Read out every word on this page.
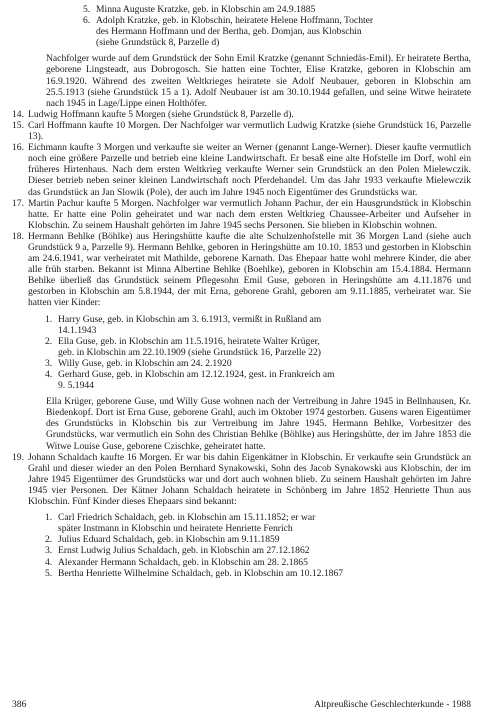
5. Minna Auguste Kratzke, geb. in Klobschin am 24.9.1885
6. Adolph Kratzke, geb. in Klobschin, heiratete Helene Hoffmann, Tochter
des Hermann Hoffmann und der Bertha, geb. Domjan, aus Klobschin
(siehe Grundstück 8, Parzelle d)

Nachfolger wurde auf dem Grundstück der Sohn Emil Kratzke (genannt Schniedäs-Emil). Er heiratete Bertha, geborene Lingsteadt, aus Dobrogosch. Sie hatten eine Tochter, Elise Kratzke, geboren in Klobschin am 16.9.1920. Während des zweiten Weltkrieges heiratete sie Adolf Neubauer, geboren in Klobschin am 25.5.1913 (siehe Grundstück 15 a 1). Adolf Neubauer ist am 30.10.1944 gefallen, und seine Witwe heiratete nach 1945 in Lage/Lippe einen Holthöfer.

14. Ludwig Hoffmann kaufte 5 Morgen (siehe Grundstück 8, Parzelle d).
15. Carl Hoffmann kaufte 10 Morgen. Der Nachfolger war vermutlich Ludwig Kratzke (siehe Grundstück 16, Parzelle 13).
16. Eichmann kaufte 3 Morgen und verkaufte sie weiter an Werner (genannt Lange-Werner). Dieser kaufte vermutlich noch eine größere Parzelle und betrieb eine kleine Landwirtschaft. Er besaß eine alte Hofstelle im Dorf, wohl ein früheres Hirtenhaus. Nach dem ersten Weltkrieg verkaufte Werner sein Grundstück an den Polen Mielewczik. Dieser betrieb neben seiner kleinen Landwirtschaft noch Pferdehandel. Um das Jahr 1933 verkaufte Mielewczik das Grundstück an Jan Slowik (Pole), der auch im Jahre 1945 noch Eigentümer des Grundstücks war.
17. Martin Pachur kaufte 5 Morgen. Nachfolger war vermutlich Johann Pachur, der ein Hausgrundstück in Klobschin hatte. Er hatte eine Polin geheiratet und war nach dem ersten Weltkrieg Chaussee-Arbeiter und Aufseher in Klobschin. Zu seinem Haushalt gehörten im Jahre 1945 sechs Personen. Sie blieben in Klobschin wohnen.
18. Hermann Behlke (Böhlke) aus Heringshütte kaufte die alte Schulzenhofstelle mit 36 Morgen Land (siehe auch Grundstück 9 a, Parzelle 9). Hermann Behlke, geboren in Heringshütte am 10.10. 1853 und gestorben in Klobschin am 24.6.1941, war verheiratet mit Mathilde, geborene Karnath. Das Ehepaar hatte wohl mehrere Kinder, die aber alle früh starben. Bekannt ist Minna Albertine Behlke (Boehlke), geboren in Klobschin am 15.4.1884. Hermann Behlke überließ das Grundstück seinem Pflegesohn Emil Guse, geboren in Heringshütte am 4.11.1876 und gestorben in Klobschin am 5.8.1944, der mit Erna, geborene Grahl, geboren am 9.11.1885, verheiratet war. Sie hatten vier Kinder:
1. Harry Guse, geb. in Klobschin am 3. 6.1913, vermißt in Rußland am
14.1.1943
2. Ella Guse, geb. in Klobschin am 11.5.1916, heiratete Walter Krüger,
geb. in Klobschin am 22.10.1909 (siehe Grundstück 16, Parzelle 22)
3. Willy Guse, geb. in Klobschin am 24. 2.1920
4. Gerhard Guse, geb. in Klobschin am 12.12.1924, gest. in Frankreich am
9. 5.1944

Ella Krüger, geborene Guse, und Willy Guse wohnen nach der Vertreibung in Jahre 1945 in Bellnhausen, Kr. Biedenkopf. Dort ist Erna Guse, geborene Grahl, auch im Oktober 1974 gestorben. Gusens waren Eigentümer des Grundstücks in Klobschin bis zur Vertreibung im Jahre 1945. Hermann Behlke, Vorbesitzer des Grundstücks, war vermutlich ein Sohn des Christian Behlke (Böhlke) aus Heringshütte, der im Jahre 1853 die Witwe Louise Guse, geborene Czischke, geheiratet hatte.

19. Johann Schaldach kaufte 16 Morgen. Er war bis dahin Eigenkätner in Klobschin. Er verkaufte sein Grundstück an Grahl und dieser wieder an den Polen Bernhard Synakowski, Sohn des Jacob Synakowski aus Klobschin, der im Jahre 1945 Eigentümer des Grundstücks war und dort auch wohnen blieb. Zu seinem Haushalt gehörten im Jahre 1945 vier Personen. Der Kätner Johann Schaldach heiratete in Schönberg im Jahre 1852 Henriette Thun aus Klobschin. Fünf Kinder dieses Ehepaars sind bekannt:
1. Carl Friedrich Schaldach, geb. in Klobschin am 15.11.1852; er war
später Instmann in Klobschin und heiratete Henriette Fenrich
2. Julius Eduard Schaldach, geb. in Klobschin am 9.11.1859
3. Ernst Ludwig Julius Schaldach, geb. in Klobschin am 27.12.1862
4. Alexander Hermann Schaldach, geb. in Klobschin am 28. 2.1865
5. Bertha Henriette Wilhelmine Schaldach, geb. in Klobschin am 10.12.1867
386	Altpreußische Geschlechterkunde - 1988
